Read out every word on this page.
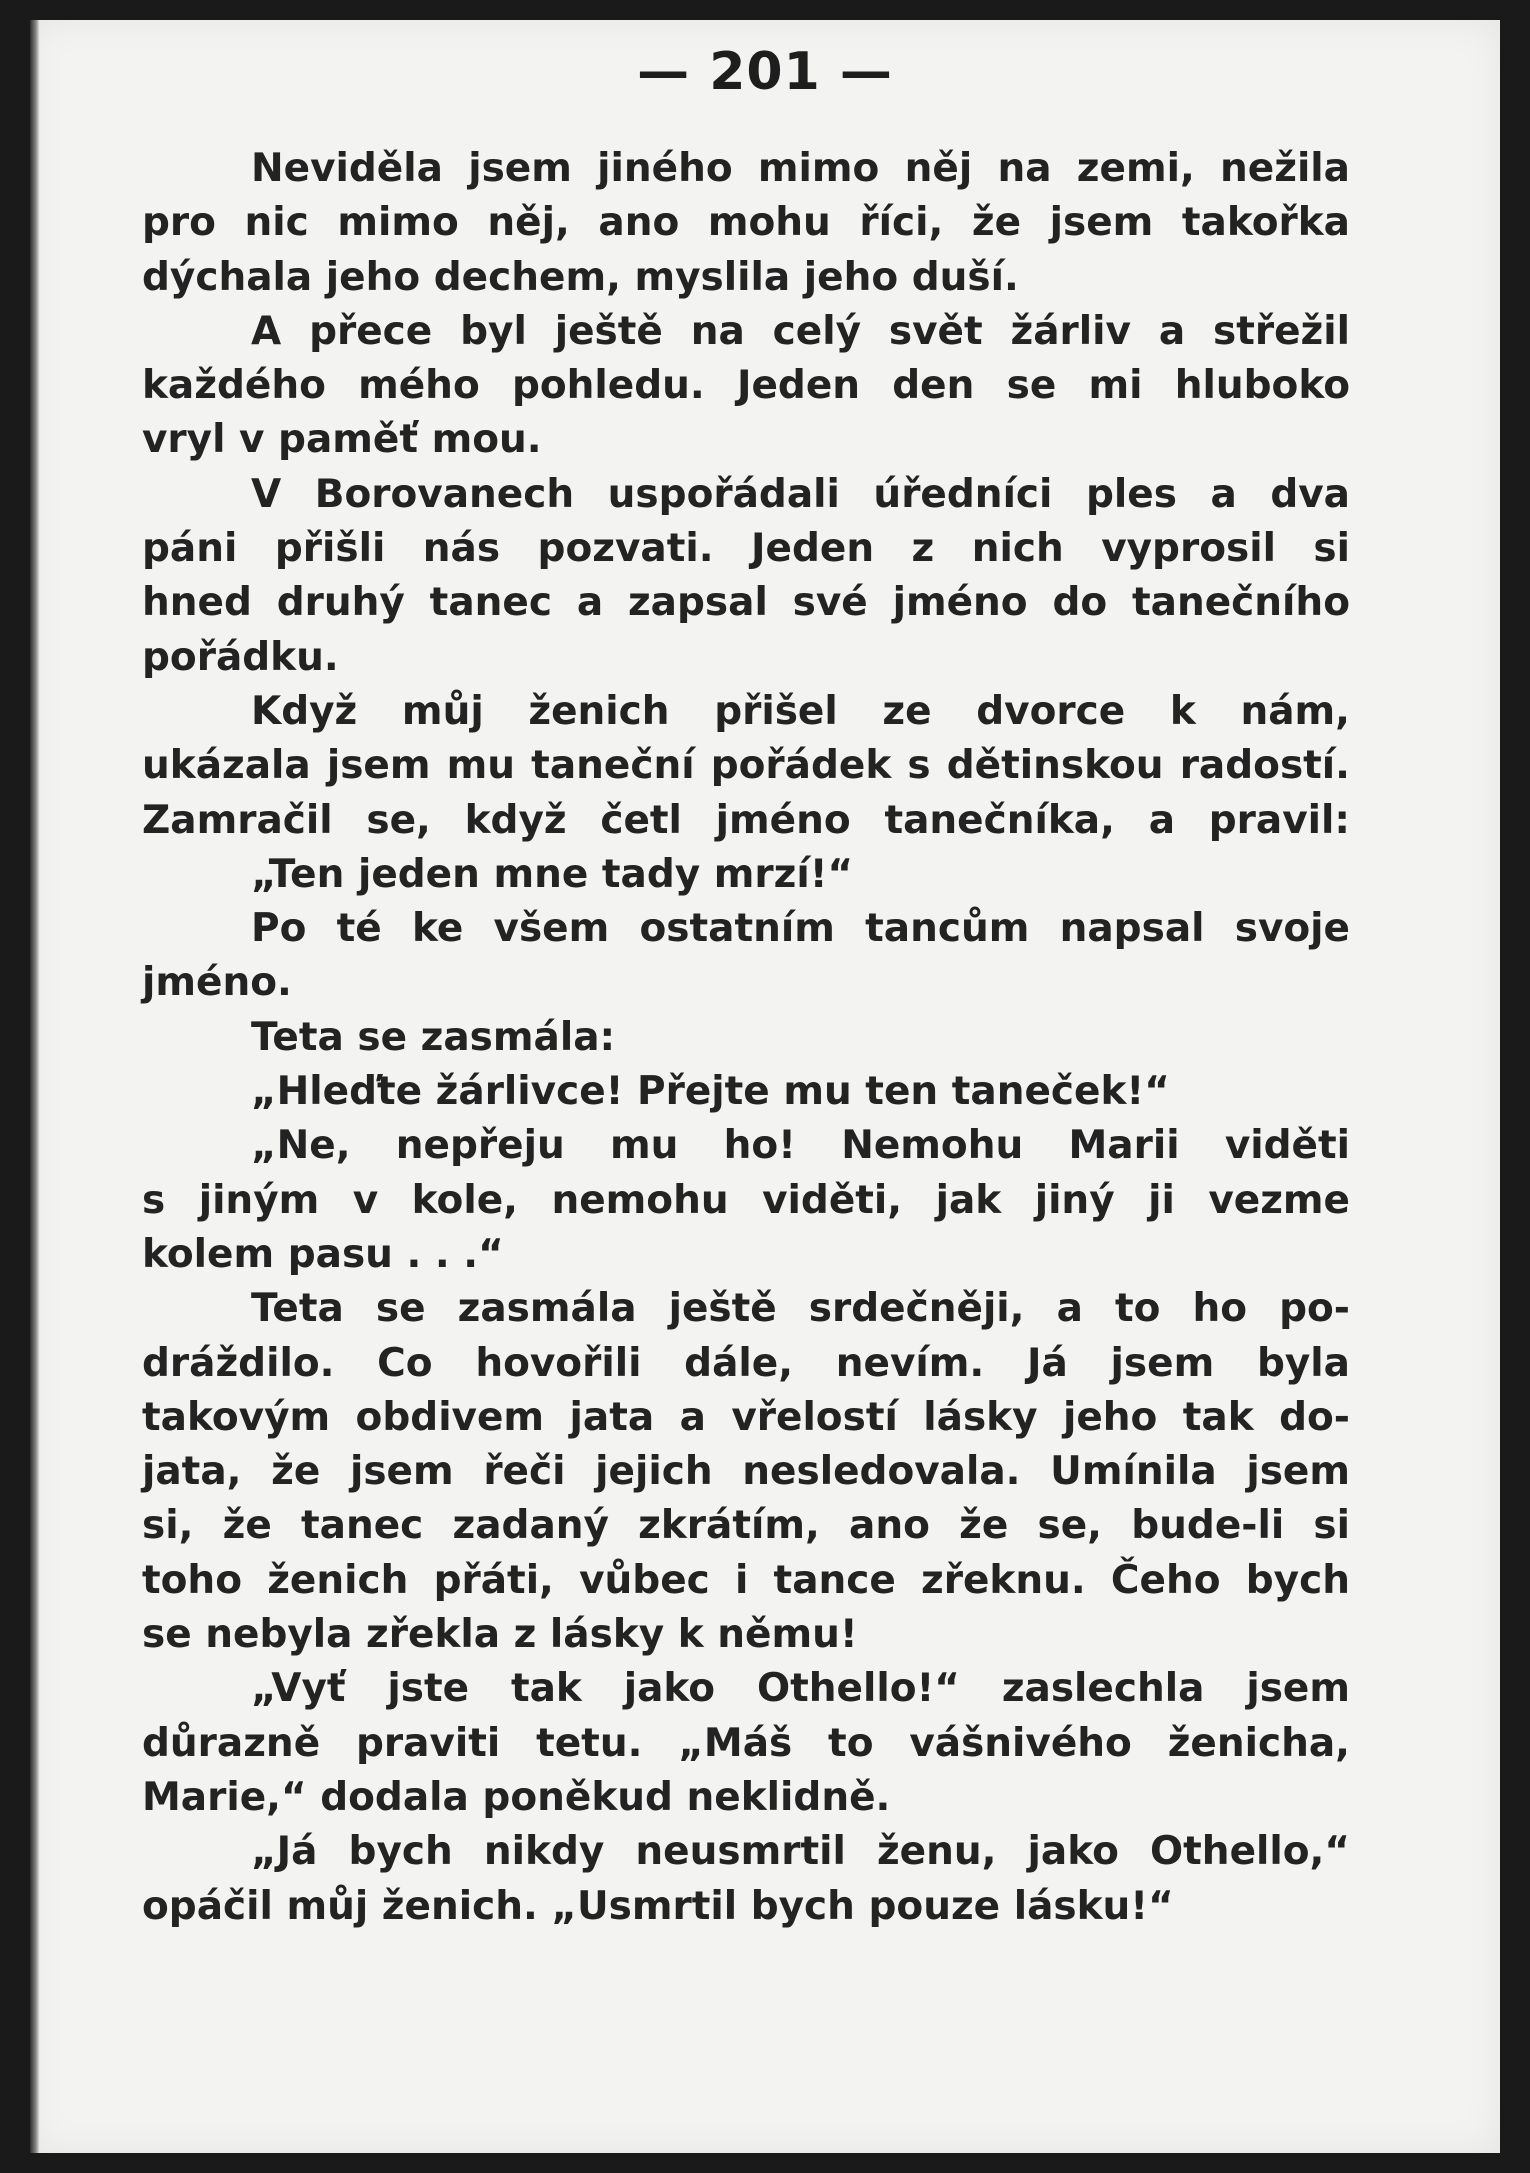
— 201 —
Neviděla jsem jiného mimo něj na zemi, nežila
pro nic mimo něj, ano mohu říci, že jsem takořka
dýchala jeho dechem, myslila jeho duší.
A přece byl ještě na celý svět žárliv a střežil
každého mého pohledu. Jeden den se mi hluboko
vryl v paměť mou.
V Borovanech uspořádali úředníci ples a dva
páni přišli nás pozvati. Jeden z nich vyprosil si
hned druhý tanec a zapsal své jméno do tanečního
pořádku.
Když můj ženich přišel ze dvorce k nám,
ukázala jsem mu taneční pořádek s dětinskou radostí.
Zamračil se, když četl jméno tanečníka, a pravil:
„Ten jeden mne tady mrzí!“
Po té ke všem ostatním tancům napsal svoje
jméno.
Teta se zasmála:
„Hleďte žárlivce! Přejte mu ten taneček!“
„Ne, nepřeju mu ho! Nemohu Marii viděti
s jiným v kole, nemohu viděti, jak jiný ji vezme
kolem pasu . . .“
Teta se zasmála ještě srdečněji, a to ho po-
dráždilo. Co hovořili dále, nevím. Já jsem byla
takovým obdivem jata a vřelostí lásky jeho tak do-
jata, že jsem řeči jejich nesledovala. Umínila jsem
si, že tanec zadaný zkrátím, ano že se, bude-li si
toho ženich přáti, vůbec i tance zřeknu. Čeho bych
se nebyla zřekla z lásky k němu!
„Vyť jste tak jako Othello!“ zaslechla jsem
důrazně praviti tetu. „Máš to vášnivého ženicha,
Marie,“ dodala poněkud neklidně.
„Já bych nikdy neusmrtil ženu, jako Othello,“
opáčil můj ženich. „Usmrtil bych pouze lásku!“
